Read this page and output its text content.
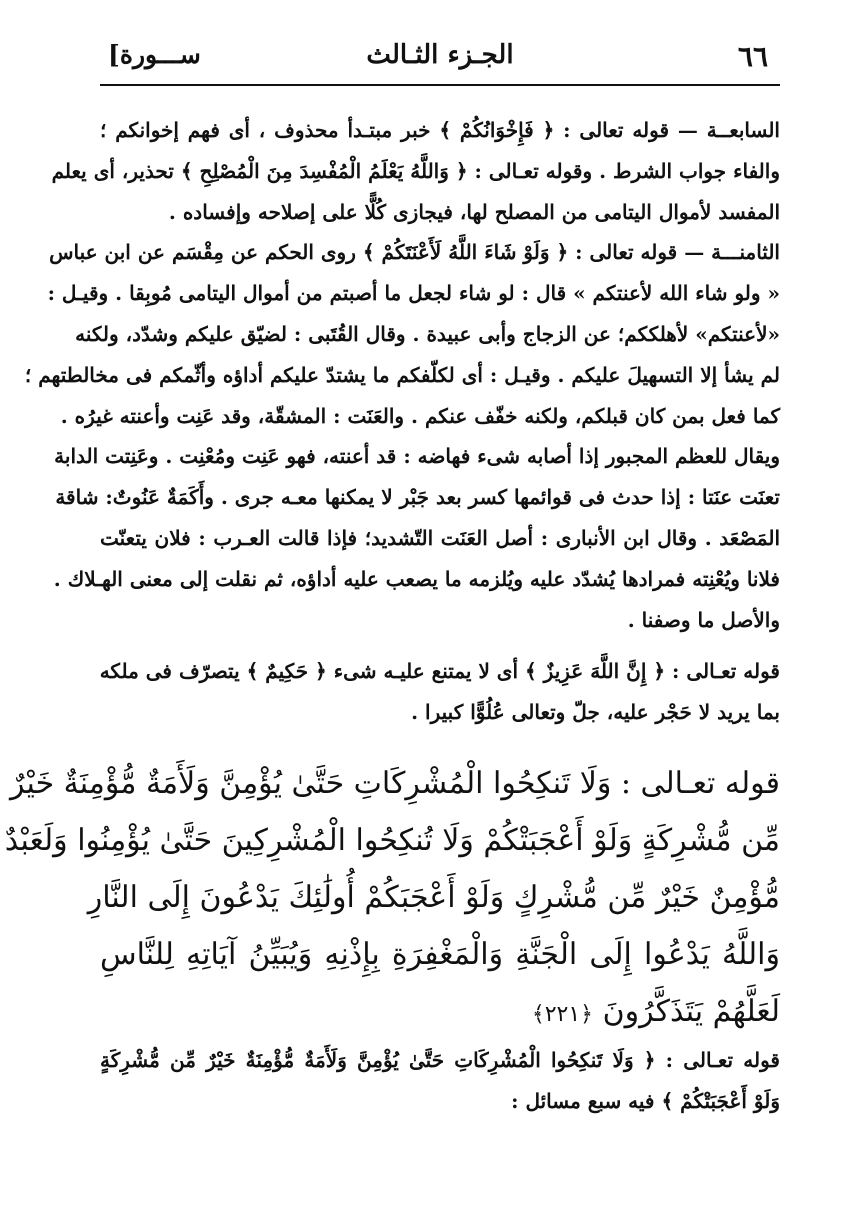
٦٦
الجـزء الثـالث
[ســـورة
السابعــة — قوله تعالى : ﴿ فَإِخْوَانُكُمْ ﴾ خبر مبتـدأ محذوف ، أى فهم إخوانكم ؛
والفاء جواب الشرط . وقوله تعـالى : ﴿ وَاللَّهُ يَعْلَمُ الْمُفْسِدَ مِنَ الْمُصْلِحِ ﴾ تحذير، أى يعلم
المفسد لأموال اليتامى من المصلح لها، فيجازى كُلًّا على إصلاحه وإفساده .
الثامنـــة — قوله تعالى : ﴿ وَلَوْ شَاءَ اللَّهُ لَأَعْنَتَكُمْ ﴾ روى الحكم عن مِقْسَم عن ابن عباس
« ولو شاء الله لأعنتكم » قال : لو شاء لجعل ما أصبتم من أموال اليتامى مُوبِقا . وقيـل :
«لأعنتكم» لأهلككم؛ عن الزجاج وأبى عبيدة . وقال القُتَبى : لضيّق عليكم وشدّد، ولكنه
لم يشأ إلا التسهيلَ عليكم . وقيـل : أى لكلّفكم ما يشتدّ عليكم أداؤه وأثّمكم فى مخالطتهم ؛
كما فعل بمن كان قبلكم، ولكنه خفّف عنكم . والعَنَت : المشقّة، وقد عَنِت وأعنته غيرُه .
ويقال للعظم المجبور إذا أصابه شىء فهاضه : قد أعنته، فهو عَنِت ومُعْنِت . وعَنِتت الدابة
تعنَت عنَتا : إذا حدث فى قوائمها كسر بعد جَبْر لا يمكنها معـه جرى . وأَكَمَةٌ عَنُوتٌ: شاقة
المَصْعَد . وقال ابن الأنبارى : أصل العَنَت التّشديد؛ فإذا قالت العـرب : فلان يتعنّت
فلانا ويُعْنِته فمرادها يُشدّد عليه ويُلزمه ما يصعب عليه أداؤه، ثم نقلت إلى معنى الهـلاك .
والأصل ما وصفنا .
قوله تعـالى : ﴿ إِنَّ اللَّهَ عَزِيزٌ ﴾ أى لا يمتنع عليـه شىء ﴿ حَكِيمٌ ﴾ يتصرّف فى ملكه
بما يريد لا حَجْر عليه، جلّ وتعالى عُلُوًّا كبيرا .
قوله تعـالى : وَلَا تَنكِحُوا الْمُشْرِكَاتِ حَتَّىٰ يُؤْمِنَّ وَلَأَمَةٌ مُّؤْمِنَةٌ خَيْرٌ
مِّن مُّشْرِكَةٍ وَلَوْ أَعْجَبَتْكُمْ وَلَا تُنكِحُوا الْمُشْرِكِينَ حَتَّىٰ يُؤْمِنُوا وَلَعَبْدٌ
مُّؤْمِنٌ خَيْرٌ مِّن مُّشْرِكٍ وَلَوْ أَعْجَبَكُمْ أُولَٰئِكَ يَدْعُونَ إِلَى النَّارِ
وَاللَّهُ يَدْعُوا إِلَى الْجَنَّةِ وَالْمَغْفِرَةِ بِإِذْنِهِ وَيُبَيِّنُ آيَاتِهِ لِلنَّاسِ
لَعَلَّهُمْ يَتَذَكَّرُونَ ﴿٢٢١﴾
قوله تعـالى : ﴿ وَلَا تَنكِحُوا الْمُشْرِكَاتِ حَتَّىٰ يُؤْمِنَّ وَلَأَمَةٌ مُّؤْمِنَةٌ خَيْرٌ مِّن مُّشْرِكَةٍ
وَلَوْ أَعْجَبَتْكُمْ ﴾ فيه سبع مسائل :
